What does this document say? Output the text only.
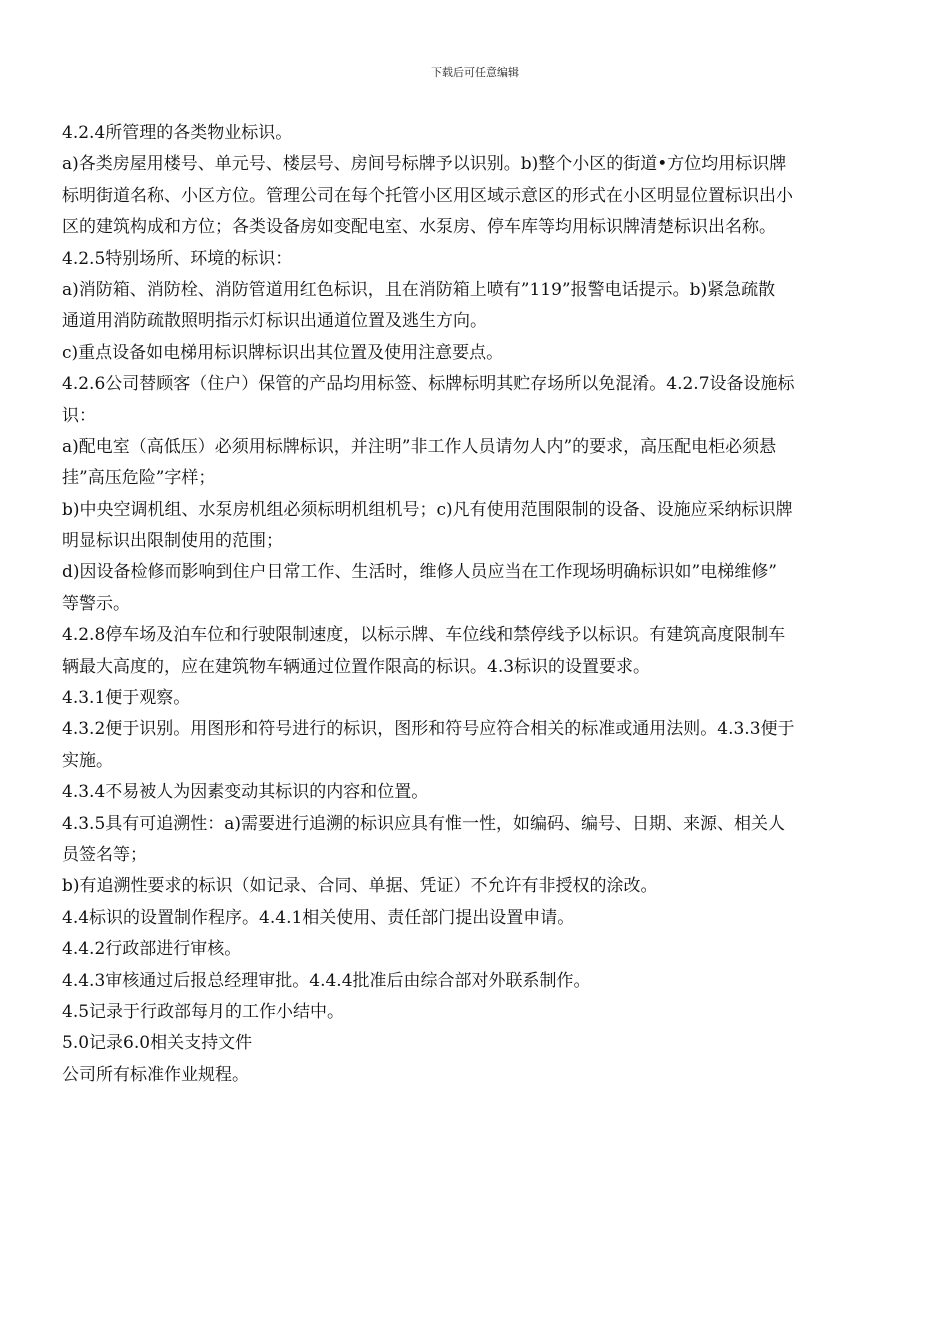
下载后可任意编辑
4.2.4所管理的各类物业标识。
a)各类房屋用楼号、单元号、楼层号、房间号标牌予以识别。b)整个小区的街道•方位均用标识牌
标明街道名称、小区方位。管理公司在每个托管小区用区域示意区的形式在小区明显位置标识出小
区的建筑构成和方位；各类设备房如变配电室、水泵房、停车库等均用标识牌清楚标识出名称。
4.2.5特别场所、环境的标识：
a)消防箱、消防栓、消防管道用红色标识，且在消防箱上喷有”119”报警电话提示。b)紧急疏散
通道用消防疏散照明指示灯标识出通道位置及逃生方向。
c)重点设备如电梯用标识牌标识出其位置及使用注意要点。
4.2.6公司替顾客（住户）保管的产品均用标签、标牌标明其贮存场所以免混淆。4.2.7设备设施标
识：
a)配电室（高低压）必须用标牌标识，并注明”非工作人员请勿人内”的要求，高压配电柜必须悬
挂”高压危险”字样；
b)中央空调机组、水泵房机组必须标明机组机号；c)凡有使用范围限制的设备、设施应采纳标识牌
明显标识出限制使用的范围；
d)因设备检修而影响到住户日常工作、生活时，维修人员应当在工作现场明确标识如”电梯维修”
等警示。
4.2.8停车场及泊车位和行驶限制速度，以标示牌、车位线和禁停线予以标识。有建筑高度限制车
辆最大高度的，应在建筑物车辆通过位置作限高的标识。4.3标识的设置要求。
4.3.1便于观察。
4.3.2便于识别。用图形和符号进行的标识，图形和符号应符合相关的标准或通用法则。4.3.3便于
实施。
4.3.4不易被人为因素变动其标识的内容和位置。
4.3.5具有可追溯性：a)需要进行追溯的标识应具有惟一性，如编码、编号、日期、来源、相关人
员签名等；
b)有追溯性要求的标识（如记录、合同、单据、凭证）不允许有非授权的涂改。
4.4标识的设置制作程序。4.4.1相关使用、责任部门提出设置申请。
4.4.2行政部进行审核。
4.4.3审核通过后报总经理审批。4.4.4批准后由综合部对外联系制作。
4.5记录于行政部每月的工作小结中。
5.0记录6.0相关支持文件
公司所有标准作业规程。
